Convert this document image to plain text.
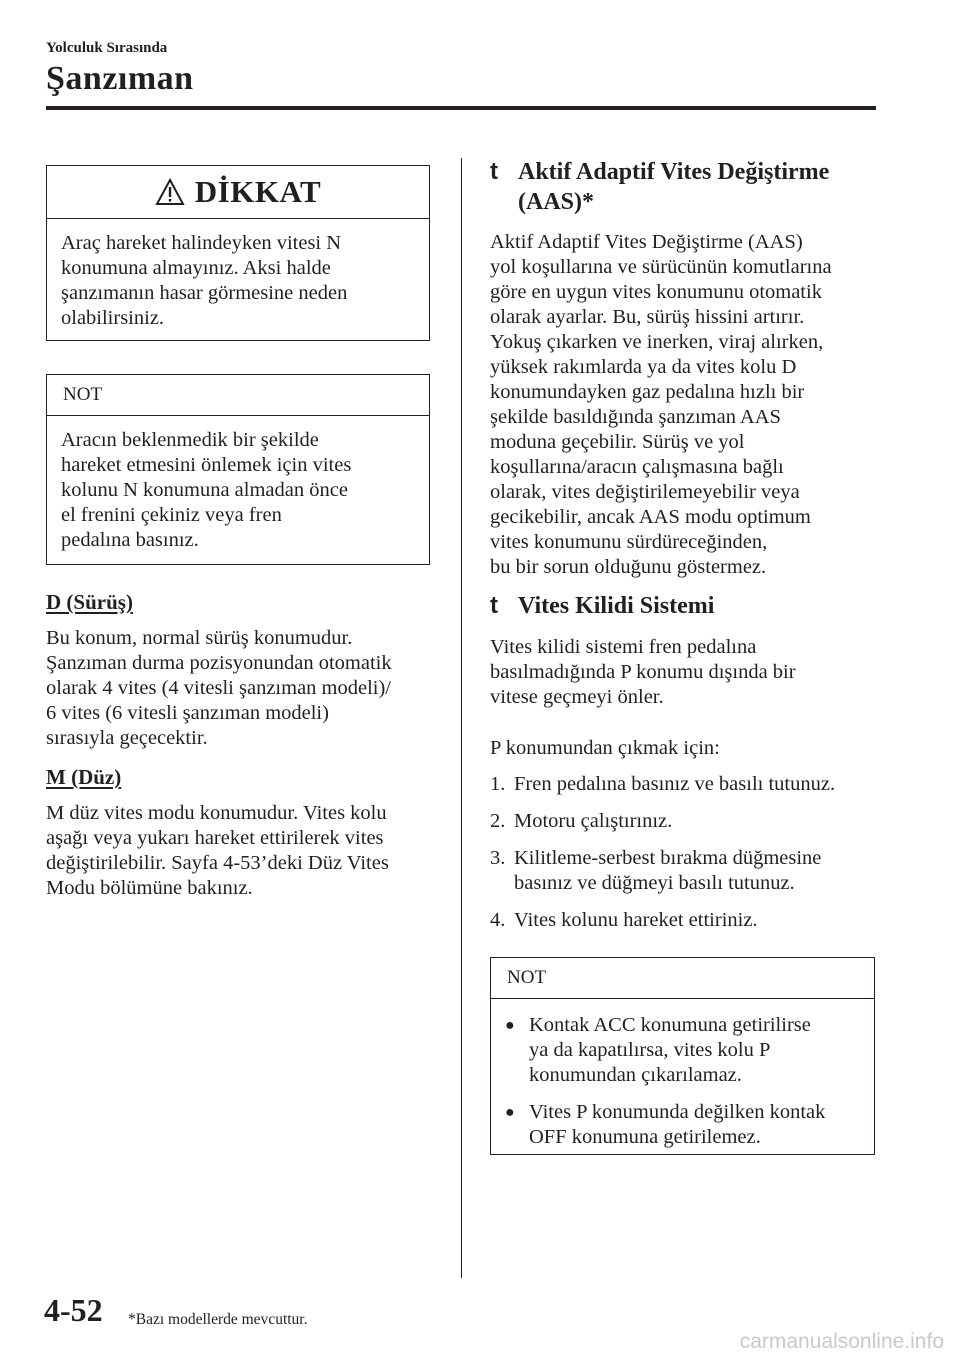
Yolculuk Sırasında
Şanzıman
DİKKAT
Araç hareket halindeyken vitesi N
konumuna almayınız. Aksi halde
şanzımanın hasar görmesine neden
olabilirsiniz.
NOT
Aracın beklenmedik bir şekilde
hareket etmesini önlemek için vites
kolunu N konumuna almadan önce
el frenini çekiniz veya fren
pedalına basınız.
D (Sürüş)
Bu konum, normal sürüş konumudur.
Şanzıman durma pozisyonundan otomatik
olarak 4 vites (4 vitesli şanzıman modeli)/
6 vites (6 vitesli şanzıman modeli)
sırasıyla geçecektir.
M (Düz)
M düz vites modu konumudur. Vites kolu
aşağı veya yukarı hareket ettirilerek vites
değiştirilebilir. Sayfa 4-53’deki Düz Vites
Modu bölümüne bakınız.
t Aktif Adaptif Vites Değiştirme
(AAS)*
Aktif Adaptif Vites Değiştirme (AAS)
yol koşullarına ve sürücünün komutlarına
göre en uygun vites konumunu otomatik
olarak ayarlar. Bu, sürüş hissini artırır.
Yokuş çıkarken ve inerken, viraj alırken,
yüksek rakımlarda ya da vites kolu D
konumundayken gaz pedalına hızlı bir
şekilde basıldığında şanzıman AAS
moduna geçebilir. Sürüş ve yol
koşullarına/aracın çalışmasına bağlı
olarak, vites değiştirilemeyebilir veya
gecikebilir, ancak AAS modu optimum
vites konumunu sürdüreceğinden,
bu bir sorun olduğunu göstermez.
t Vites Kilidi Sistemi
Vites kilidi sistemi fren pedalına
basılmadığında P konumu dışında bir
vitese geçmeyi önler.
P konumundan çıkmak için:
1. Fren pedalına basınız ve basılı tutunuz.
2. Motoru çalıştırınız.
3. Kilitleme-serbest bırakma düğmesine
basınız ve düğmeyi basılı tutunuz.
4. Vites kolunu hareket ettiriniz.
NOT
● Kontak ACC konumuna getirilirse
ya da kapatılırsa, vites kolu P
konumundan çıkarılamaz.
● Vites P konumunda değilken kontak
OFF konumuna getirilemez.
4-52 *Bazı modellerde mevcuttur.
carmanualsonline.info
